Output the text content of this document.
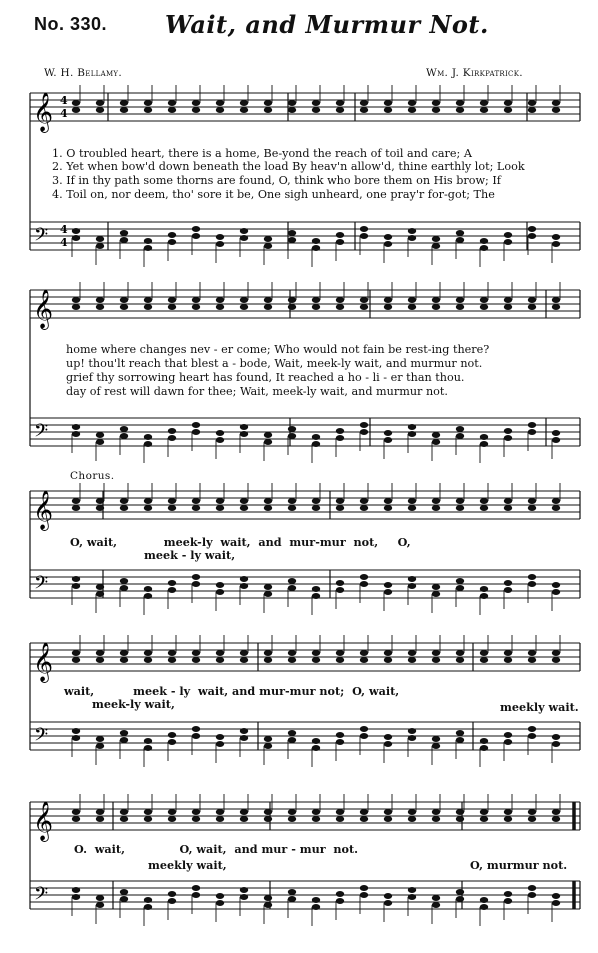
No. 330. Wait, and Murmur Not.
W. H. Bellamy.	Wm. J. Kirkpatrick.
𝄞
𝄢
𝄞
𝄢
𝄞
𝄢
𝄞
𝄢
𝄞
𝄢
4
4
4
4
1. O troubled heart, there is a home, Be-yond the reach of toil and care; A
2. Yet when bow'd down beneath the load By heav'n allow'd, thine earthly lot; Look
3. If in thy path some thorns are found, O, think who bore them on His brow; If
4. Toil on, nor deem, tho' sore it be, One sigh unheard, one pray'r for-got; The
home where changes nev - er come; Who would not fain be rest-ing there?
up! thou'lt reach that blest a - bode, Wait, meek-ly wait, and murmur not.
grief thy sorrowing heart has found, It reached a ho - li - er than thou.
day of rest will dawn for thee; Wait, meek-ly wait, and murmur not.
Chorus.
O, wait,            meek-ly  wait,  and  mur-mur  not,     O,
meek - ly wait,
wait,          meek - ly  wait, and mur-mur not;  O, wait,
meek-ly wait,	meekly wait.
O.  wait,              O, wait,  and mur - mur  not.
meekly wait,	O, murmur not.
